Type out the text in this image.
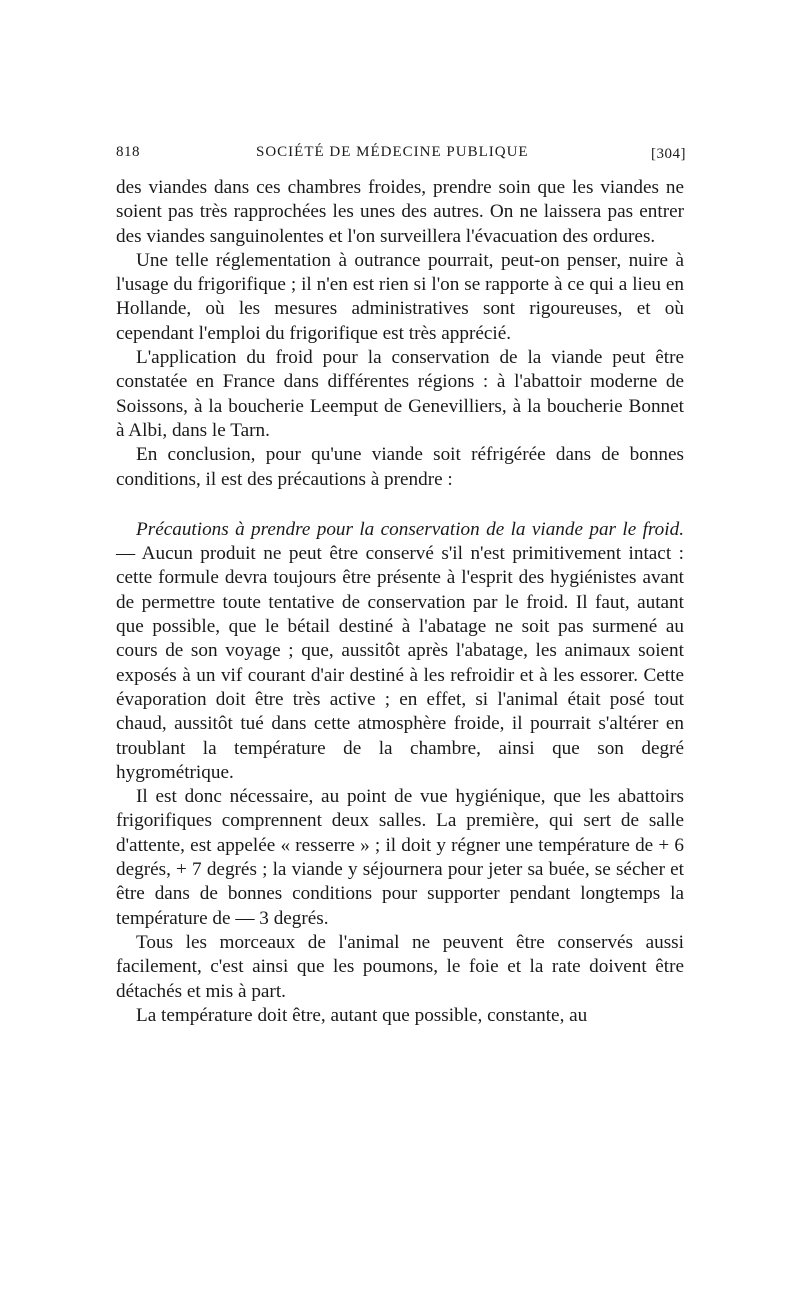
818	SOCIÉTÉ DE MÉDECINE PUBLIQUE	[304]

des viandes dans ces chambres froides, prendre soin que les viandes ne soient pas très rapprochées les unes des autres. On ne laissera pas entrer des viandes sanguinolentes et l'on surveillera l'évacuation des ordures.

Une telle réglementation à outrance pourrait, peut-on penser, nuire à l'usage du frigorifique ; il n'en est rien si l'on se rapporte à ce qui a lieu en Hollande, où les mesures administratives sont rigoureuses, et où cependant l'emploi du frigorifique est très apprécié.

L'application du froid pour la conservation de la viande peut être constatée en France dans différentes régions : à l'abattoir moderne de Soissons, à la boucherie Leemput de Genevilliers, à la boucherie Bonnet à Albi, dans le Tarn.

En conclusion, pour qu'une viande soit réfrigérée dans de bonnes conditions, il est des précautions à prendre :

Précautions à prendre pour la conservation de la viande par le froid. — Aucun produit ne peut être conservé s'il n'est primitivement intact : cette formule devra toujours être présente à l'esprit des hygiénistes avant de permettre toute tentative de conservation par le froid. Il faut, autant que possible, que le bétail destiné à l'abatage ne soit pas surmené au cours de son voyage ; que, aussitôt après l'abatage, les animaux soient exposés à un vif courant d'air destiné à les refroidir et à les essorer. Cette évaporation doit être très active ; en effet, si l'animal était posé tout chaud, aussitôt tué dans cette atmosphère froide, il pourrait s'altérer en troublant la température de la chambre, ainsi que son degré hygrométrique.

Il est donc nécessaire, au point de vue hygiénique, que les abattoirs frigorifiques comprennent deux salles. La première, qui sert de salle d'attente, est appelée « resserre » ; il doit y régner une température de + 6 degrés, + 7 degrés ; la viande y séjournera pour jeter sa buée, se sécher et être dans de bonnes conditions pour supporter pendant longtemps la température de — 3 degrés.

Tous les morceaux de l'animal ne peuvent être conservés aussi facilement, c'est ainsi que les poumons, le foie et la rate doivent être détachés et mis à part.

La température doit être, autant que possible, constante, au
